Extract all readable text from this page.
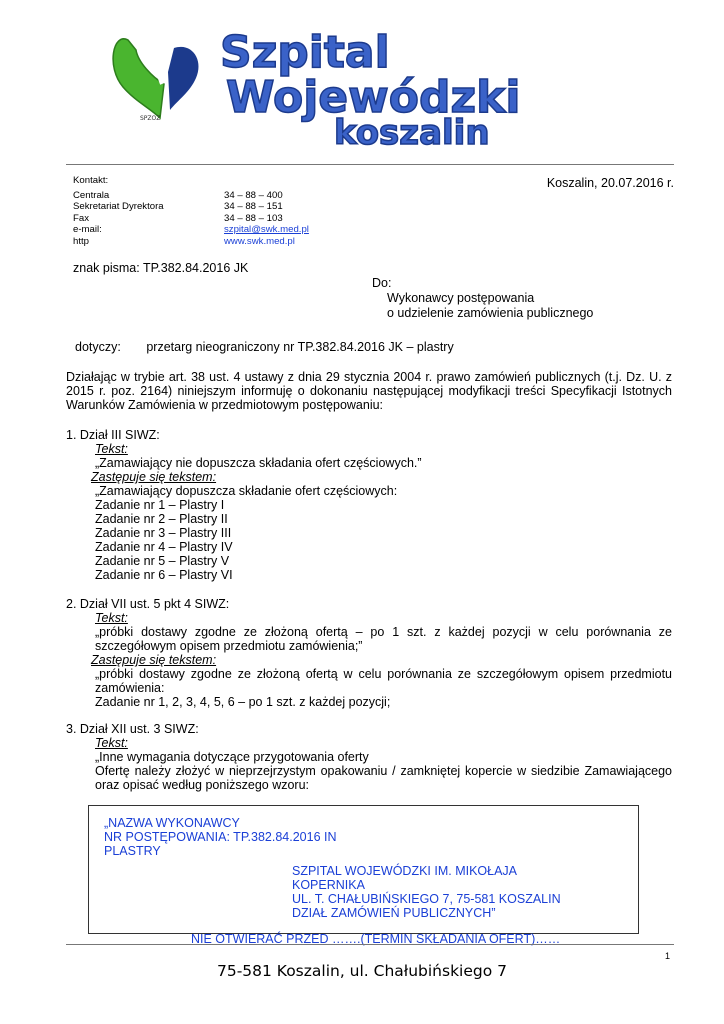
SPZOZ
Szpital
Wojewódzki
koszalin
Kontakt:
Centrala	34 – 88 – 400
Sekretariat Dyrektora	34 – 88 – 151
Fax	34 – 88 – 103
e-mail:	szpital@swk.med.pl
http	www.swk.med.pl
Koszalin, 20.07.2016 r.
znak pisma: TP.382.84.2016 JK
Do:
Wykonawcy postępowania
o udzielenie zamówienia publicznego
dotyczy: przetarg nieograniczony nr TP.382.84.2016 JK – plastry
Działając w trybie art. 38 ust. 4 ustawy z dnia 29 stycznia 2004 r. prawo zamówień publicznych (t.j. Dz. U. z 2015 r. poz. 2164) niniejszym informuję o dokonaniu następującej modyfikacji treści Specyfikacji Istotnych Warunków Zamówienia w przedmiotowym postępowaniu:

1. Dział III SIWZ:

Tekst:

„Zamawiający nie dopuszcza składania ofert częściowych.”

Zastępuje się tekstem:

„Zamawiający dopuszcza składanie ofert częściowych:

Zadanie nr 1 – Plastry I

Zadanie nr 2 – Plastry II

Zadanie nr 3 – Plastry III

Zadanie nr 4 – Plastry IV

Zadanie nr 5 – Plastry V

Zadanie nr 6 – Plastry VI

2. Dział VII ust. 5 pkt 4 SIWZ:

Tekst:

„próbki dostawy zgodne ze złożoną ofertą – po 1 szt. z każdej pozycji w celu porównania ze szczegółowym opisem przedmiotu zamówienia;”

Zastępuje się tekstem:

„próbki dostawy zgodne ze złożoną ofertą w celu porównania ze szczegółowym opisem przedmiotu zamówienia:

Zadanie nr 1, 2, 3, 4, 5, 6 – po 1 szt. z każdej pozycji;

3. Dział XII ust. 3 SIWZ:

Tekst:

„Inne wymagania dotyczące przygotowania oferty

Ofertę należy złożyć w nieprzejrzystym opakowaniu / zamkniętej kopercie w siedzibie Zamawiającego oraz opisać według poniższego wzoru:

„NAZWA WYKONAWCY
NR POSTĘPOWANIA: TP.382.84.2016 IN
PLASTRY
SZPITAL WOJEWÓDZKI IM. MIKOŁAJA
KOPERNIKA
UL. T. CHAŁUBIŃSKIEGO 7, 75-581 KOSZALIN
DZIAŁ ZAMÓWIEŃ PUBLICZNYCH”
NIE OTWIERAĆ PRZED …….(TERMIN SKŁADANIA OFERT)……
1
75-581 Koszalin, ul. Chałubińskiego 7
